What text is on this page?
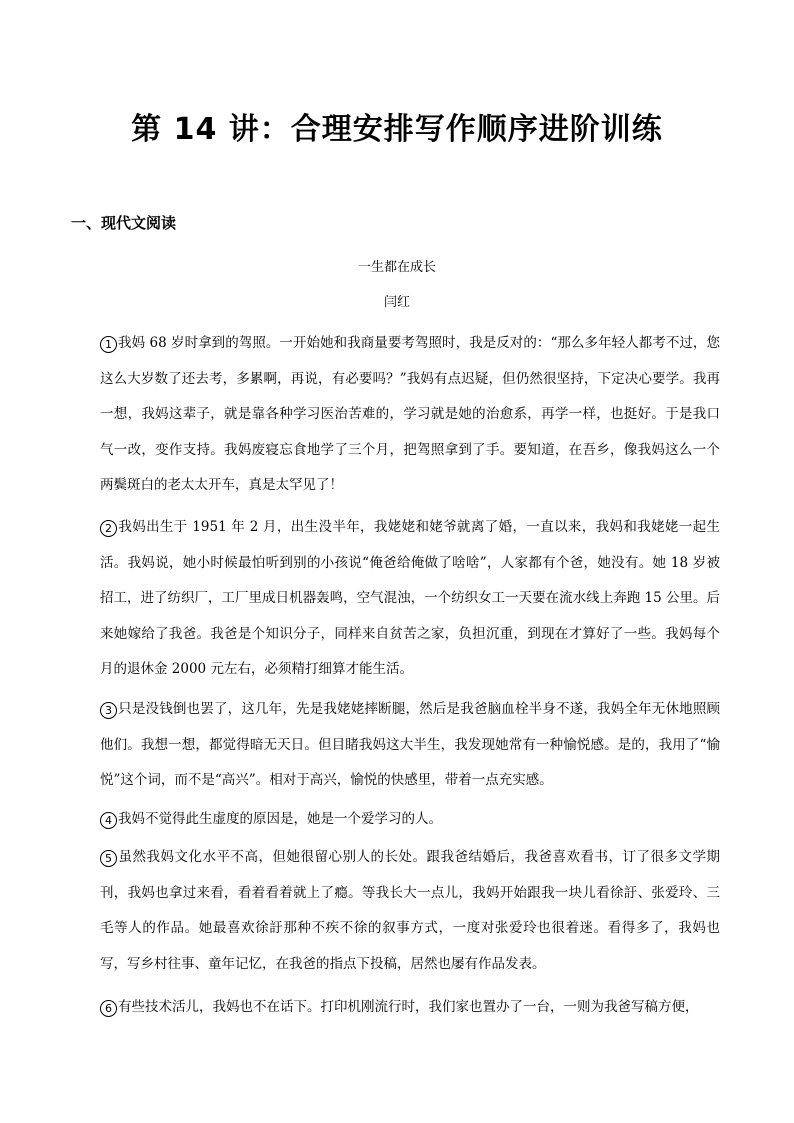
第 14 讲：合理安排写作顺序进阶训练
一、现代文阅读

一生都在成长

闫红

1 我妈 68 岁时拿到的驾照。一开始她和我商量要考驾照时，我是反对的：“那么多年轻人都考不过，您这么大岁数了还去考，多累啊，再说，有必要吗？”我妈有点迟疑，但仍然很坚持，下定决心要学。我再一想，我妈这辈子，就是靠各种学习医治苦难的，学习就是她的治愈系，再学一样，也挺好。于是我口气一改，变作支持。我妈废寝忘食地学了三个月，把驾照拿到了手。要知道，在吾乡，像我妈这么一个两鬓斑白的老太太开车，真是太罕见了！

2 我妈出生于 1951 年 2 月，出生没半年，我姥姥和姥爷就离了婚，一直以来，我妈和我姥姥一起生活。我妈说，她小时候最怕听到别的小孩说“俺爸给俺做了啥啥”，人家都有个爸，她没有。她 18 岁被招工，进了纺织厂，工厂里成日机器轰鸣，空气混浊，一个纺织女工一天要在流水线上奔跑 15 公里。后来她嫁给了我爸。我爸是个知识分子，同样来自贫苦之家，负担沉重，到现在才算好了一些。我妈每个月的退休金 2000 元左右，必须精打细算才能生活。

3 只是没钱倒也罢了，这几年，先是我姥姥摔断腿，然后是我爸脑血栓半身不遂，我妈全年无休地照顾他们。我想一想，都觉得暗无天日。但目睹我妈这大半生，我发现她常有一种愉悦感。是的，我用了“愉悦”这个词，而不是“高兴”。相对于高兴，愉悦的快感里，带着一点充实感。

4 我妈不觉得此生虚度的原因是，她是一个爱学习的人。

5 虽然我妈文化水平不高，但她很留心别人的长处。跟我爸结婚后，我爸喜欢看书，订了很多文学期刊，我妈也拿过来看，看着看着就上了瘾。等我长大一点儿，我妈开始跟我一块儿看徐訏、张爱玲、三毛等人的作品。她最喜欢徐訏那种不疾不徐的叙事方式，一度对张爱玲也很着迷。看得多了，我妈也写，写乡村往事、童年记忆，在我爸的指点下投稿，居然也屡有作品发表。

6 有些技术活儿，我妈也不在话下。打印机刚流行时，我们家也置办了一台，一则为我爸写稿方便，
